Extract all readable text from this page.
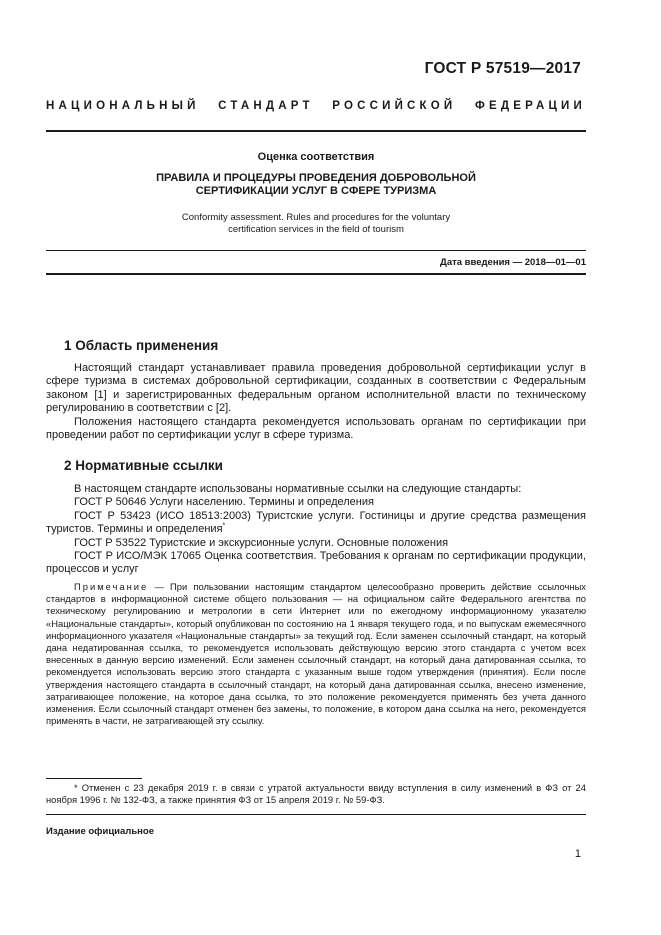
ГОСТ Р 57519—2017
НАЦИОНАЛЬНЫЙ СТАНДАРТ РОССИЙСКОЙ ФЕДЕРАЦИИ
Оценка соответствия
ПРАВИЛА И ПРОЦЕДУРЫ ПРОВЕДЕНИЯ ДОБРОВОЛЬНОЙ
СЕРТИФИКАЦИИ УСЛУГ В СФЕРЕ ТУРИЗМА
Conformity assessment. Rules and procedures for the voluntary
certification services in the field of tourism
Дата введения — 2018—01—01
1 Область применения
Настоящий стандарт устанавливает правила проведения добровольной сертификации услуг в сфере туризма в системах добровольной сертификации, созданных в соответствии с Федеральным законом [1] и зарегистрированных федеральным органом исполнительной власти по техническому регулированию в соответствии с [2].
Положения настоящего стандарта рекомендуется использовать органам по сертификации при проведении работ по сертификации услуг в сфере туризма.
2 Нормативные ссылки
В настоящем стандарте использованы нормативные ссылки на следующие стандарты:
ГОСТ Р 50646 Услуги населению. Термины и определения
ГОСТ Р 53423 (ИСО 18513:2003) Туристские услуги. Гостиницы и другие средства размещения туристов. Термины и определения*
ГОСТ Р 53522 Туристские и экскурсионные услуги. Основные положения
ГОСТ Р ИСО/МЭК 17065 Оценка соответствия. Требования к органам по сертификации продукции, процессов и услуг
Примечание — При пользовании настоящим стандартом целесообразно проверить действие ссылочных стандартов в информационной системе общего пользования — на официальном сайте Федерального агентства по техническому регулированию и метрологии в сети Интернет или по ежегодному информационному указателю «Национальные стандарты», который опубликован по состоянию на 1 января текущего года, и по выпускам ежемесячного информационного указателя «Национальные стандарты» за текущий год. Если заменен ссылочный стандарт, на который дана недатированная ссылка, то рекомендуется использовать действующую версию этого стандарта с учетом всех внесенных в данную версию изменений. Если заменен ссылочный стандарт, на который дана датированная ссылка, то рекомендуется использовать версию этого стандарта с указанным выше годом утверждения (принятия). Если после утверждения настоящего стандарта в ссылочный стандарт, на который дана датированная ссылка, внесено изменение, затрагивающее положение, на которое дана ссылка, то это положение рекомендуется применять без учета данного изменения. Если ссылочный стандарт отменен без замены, то положение, в котором дана ссылка на него, рекомендуется применять в части, не затрагивающей эту ссылку.
* Отменен с 23 декабря 2019 г. в связи с утратой актуальности ввиду вступления в силу изменений в ФЗ от 24 ноября 1996 г. № 132-ФЗ, а также принятия ФЗ от 15 апреля 2019 г. № 59-ФЗ.
Издание официальное
1
